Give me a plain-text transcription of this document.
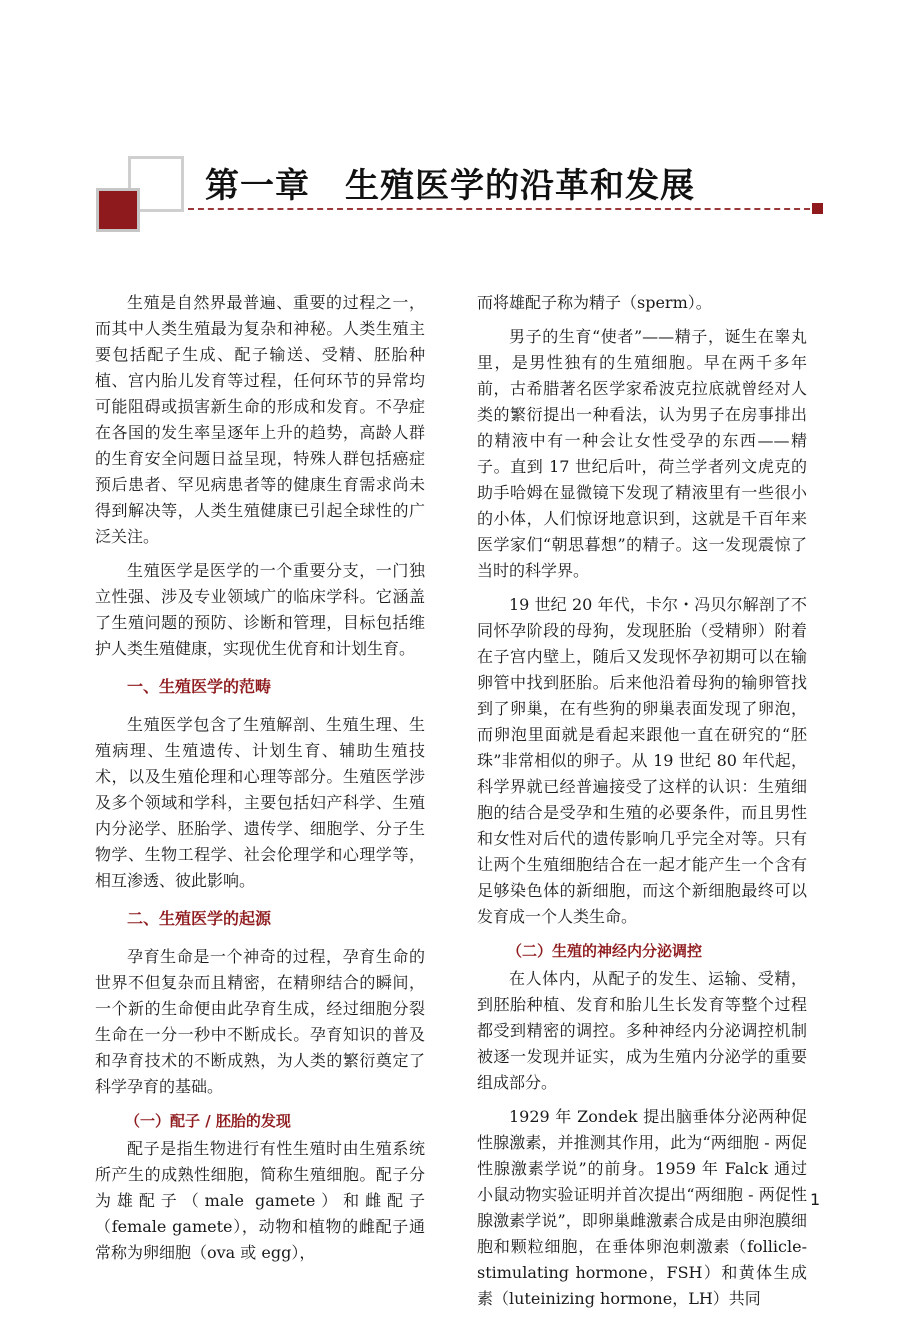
第一章　生殖医学的沿革和发展

生殖是自然界最普遍、重要的过程之一，而其中人类生殖最为复杂和神秘。人类生殖主要包括配子生成、配子输送、受精、胚胎种植、宫内胎儿发育等过程，任何环节的异常均可能阻碍或损害新生命的形成和发育。不孕症在各国的发生率呈逐年上升的趋势，高龄人群的生育安全问题日益呈现，特殊人群包括癌症预后患者、罕见病患者等的健康生育需求尚未得到解决等，人类生殖健康已引起全球性的广泛关注。

生殖医学是医学的一个重要分支，一门独立性强、涉及专业领域广的临床学科。它涵盖了生殖问题的预防、诊断和管理，目标包括维护人类生殖健康，实现优生优育和计划生育。

一、生殖医学的范畴

生殖医学包含了生殖解剖、生殖生理、生殖病理、生殖遗传、计划生育、辅助生殖技术，以及生殖伦理和心理等部分。生殖医学涉及多个领域和学科，主要包括妇产科学、生殖内分泌学、胚胎学、遗传学、细胞学、分子生物学、生物工程学、社会伦理学和心理学等，相互渗透、彼此影响。

二、生殖医学的起源

孕育生命是一个神奇的过程，孕育生命的世界不但复杂而且精密，在精卵结合的瞬间，一个新的生命便由此孕育生成，经过细胞分裂生命在一分一秒中不断成长。孕育知识的普及和孕育技术的不断成熟，为人类的繁衍奠定了科学孕育的基础。

（一）配子 / 胚胎的发现

配子是指生物进行有性生殖时由生殖系统所产生的成熟性细胞，简称生殖细胞。配子分为雄配子（male gamete）和雌配子（female gamete），动物和植物的雌配子通常称为卵细胞（ova 或 egg），

而将雄配子称为精子（sperm）。

男子的生育“使者”——精子，诞生在睾丸里，是男性独有的生殖细胞。早在两千多年前，古希腊著名医学家希波克拉底就曾经对人类的繁衍提出一种看法，认为男子在房事排出的精液中有一种会让女性受孕的东西——精子。直到 17 世纪后叶，荷兰学者列文虎克的助手哈姆在显微镜下发现了精液里有一些很小的小体，人们惊讶地意识到，这就是千百年来医学家们“朝思暮想”的精子。这一发现震惊了当时的科学界。

19 世纪 20 年代，卡尔・冯贝尔解剖了不同怀孕阶段的母狗，发现胚胎（受精卵）附着在子宫内壁上，随后又发现怀孕初期可以在输卵管中找到胚胎。后来他沿着母狗的输卵管找到了卵巢，在有些狗的卵巢表面发现了卵泡，而卵泡里面就是看起来跟他一直在研究的“胚珠”非常相似的卵子。从 19 世纪 80 年代起，科学界就已经普遍接受了这样的认识：生殖细胞的结合是受孕和生殖的必要条件，而且男性和女性对后代的遗传影响几乎完全对等。只有让两个生殖细胞结合在一起才能产生一个含有足够染色体的新细胞，而这个新细胞最终可以发育成一个人类生命。

（二）生殖的神经内分泌调控

在人体内，从配子的发生、运输、受精，到胚胎种植、发育和胎儿生长发育等整个过程都受到精密的调控。多种神经内分泌调控机制被逐一发现并证实，成为生殖内分泌学的重要组成部分。

1929 年 Zondek 提出脑垂体分泌两种促性腺激素，并推测其作用，此为“两细胞 - 两促性腺激素学说”的前身。1959 年 Falck 通过小鼠动物实验证明并首次提出“两细胞 - 两促性腺激素学说”，即卵巢雌激素合成是由卵泡膜细胞和颗粒细胞，在垂体卵泡刺激素（follicle-stimulating hormone，FSH）和黄体生成素（luteinizing hormone，LH）共同

1
